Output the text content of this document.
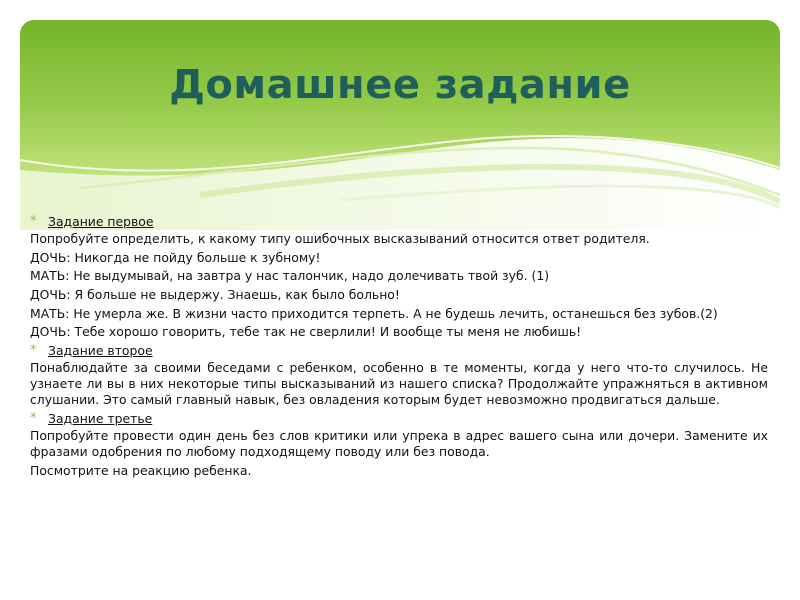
Домашнее задание
* Задание первое

Попробуйте определить, к какому типу ошибочных высказываний относится ответ родителя.

ДОЧЬ: Никогда не пойду больше к зубному!

МАТЬ: Не выдумывай, на завтра у нас талончик, надо долечивать твой зуб. (1)

ДОЧЬ: Я больше не выдержу. Знаешь, как было больно!

МАТЬ: Не умерла же. В жизни часто приходится терпеть. А не будешь лечить, останешься без зубов.(2)

ДОЧЬ: Тебе хорошо говорить, тебе так не сверлили! И вообще ты меня не любишь!

* Задание второе

Понаблюдайте за своими беседами с ребенком, особенно в те моменты, когда у него что-то случилось. Не узнаете ли вы в них некоторые типы высказываний из нашего списка? Продолжайте упражняться в активном слушании. Это самый главный навык, без овладения которым будет невозможно продвигаться дальше.

* Задание третье

Попробуйте провести один день без слов критики или упрека в адрес вашего сына или дочери. Замените их фразами одобрения по любому подходящему поводу или без повода.

Посмотрите на реакцию ребенка.
